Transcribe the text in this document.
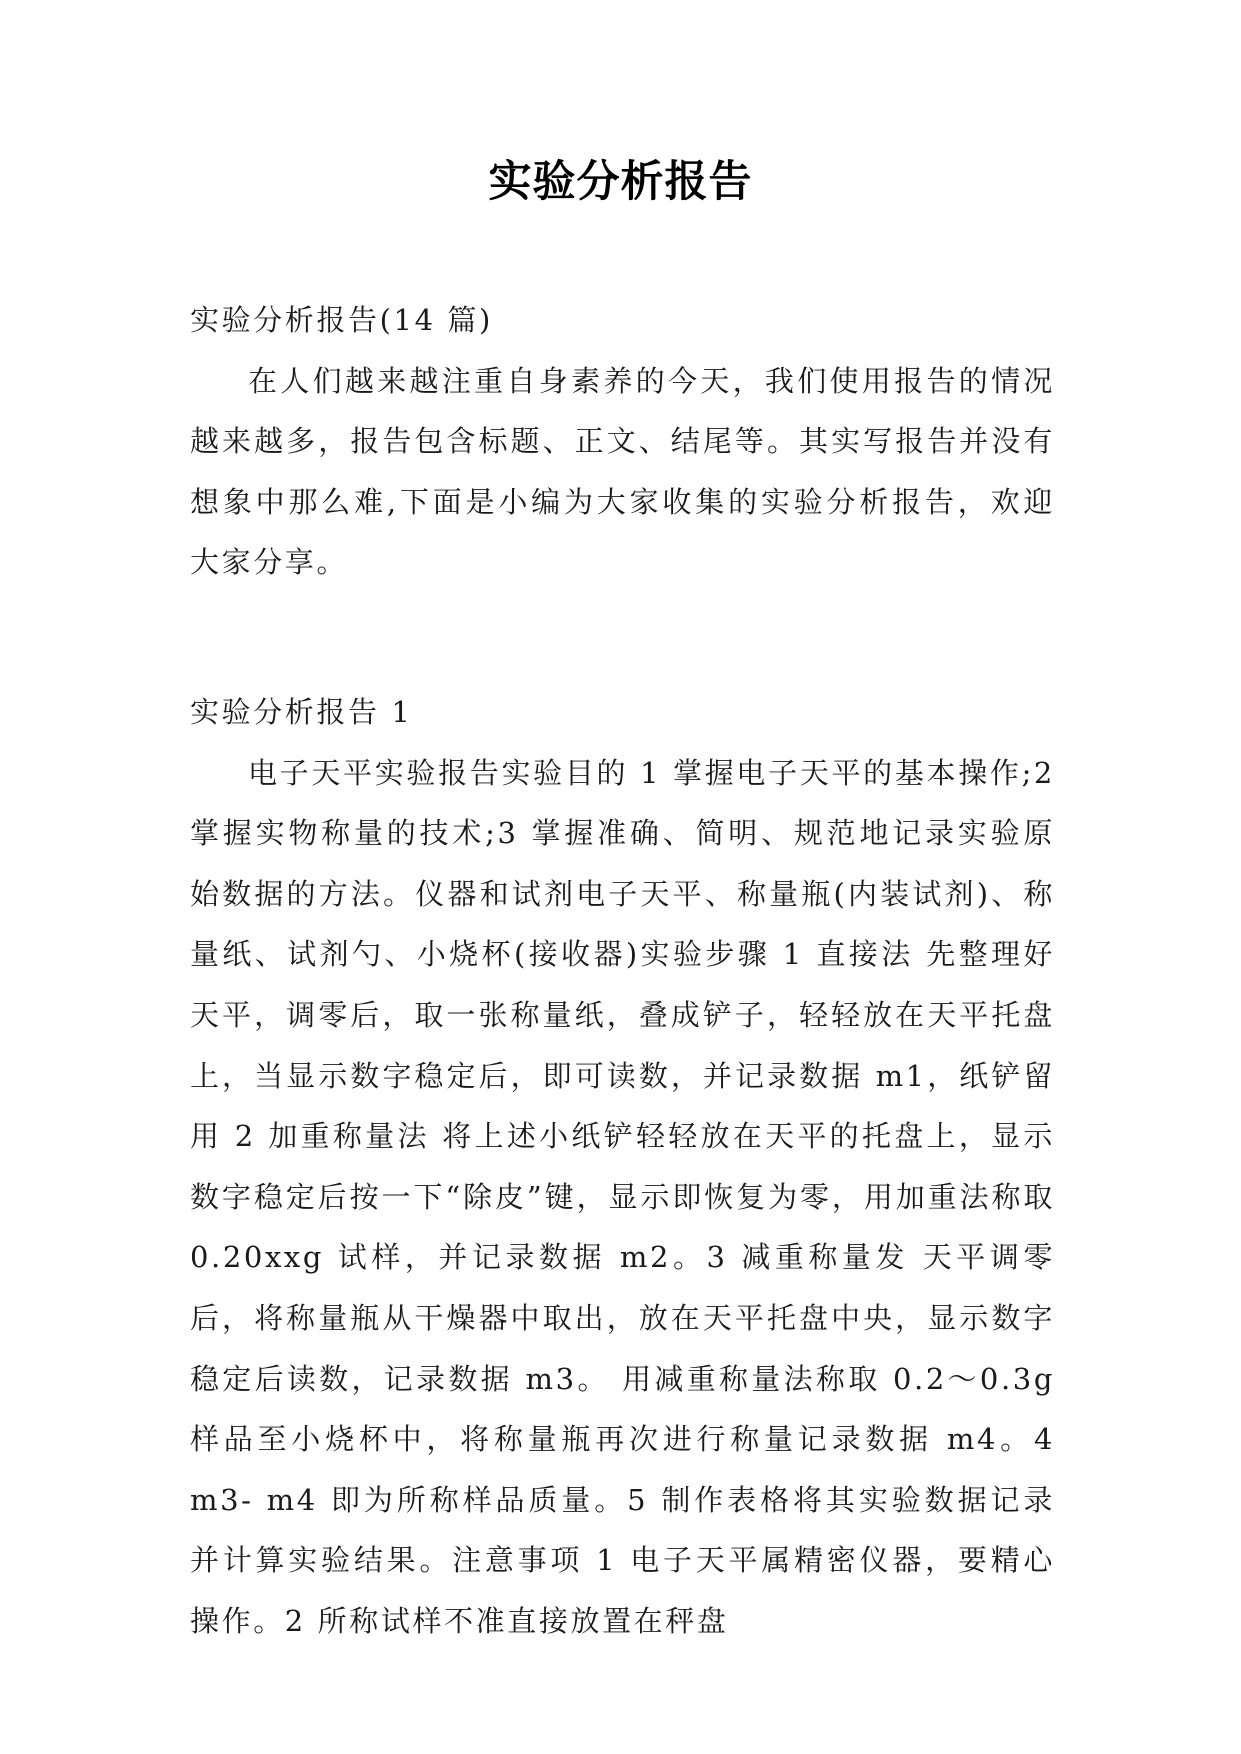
实验分析报告

实验分析报告(14 篇)

在人们越来越注重自身素养的今天，我们使用报告的情况越来越多，报告包含标题、正文、结尾等。其实写报告并没有想象中那么难,下面是小编为大家收集的实验分析报告，欢迎大家分享。

实验分析报告 1

电子天平实验报告实验目的 1 掌握电子天平的基本操作;2 掌握实物称量的技术;3 掌握准确、简明、规范地记录实验原始数据的方法。仪器和试剂电子天平、称量瓶(内装试剂)、称量纸、试剂勺、小烧杯(接收器)实验步骤 1 直接法 先整理好天平，调零后，取一张称量纸，叠成铲子，轻轻放在天平托盘上，当显示数字稳定后，即可读数，并记录数据 m1，纸铲留用 2 加重称量法 将上述小纸铲轻轻放在天平的托盘上，显示数字稳定后按一下“除皮”键，显示即恢复为零，用加重法称取 0.20xxg 试样，并记录数据 m2。3 减重称量发 天平调零后，将称量瓶从干燥器中取出，放在天平托盘中央，显示数字稳定后读数，记录数据 m3。 用减重称量法称取 0.2～0.3g 样品至小烧杯中，将称量瓶再次进行称量记录数据 m4。4 m3- m4 即为所称样品质量。5 制作表格将其实验数据记录并计算实验结果。注意事项 1 电子天平属精密仪器，要精心操作。2 所称试样不准直接放置在秤盘
